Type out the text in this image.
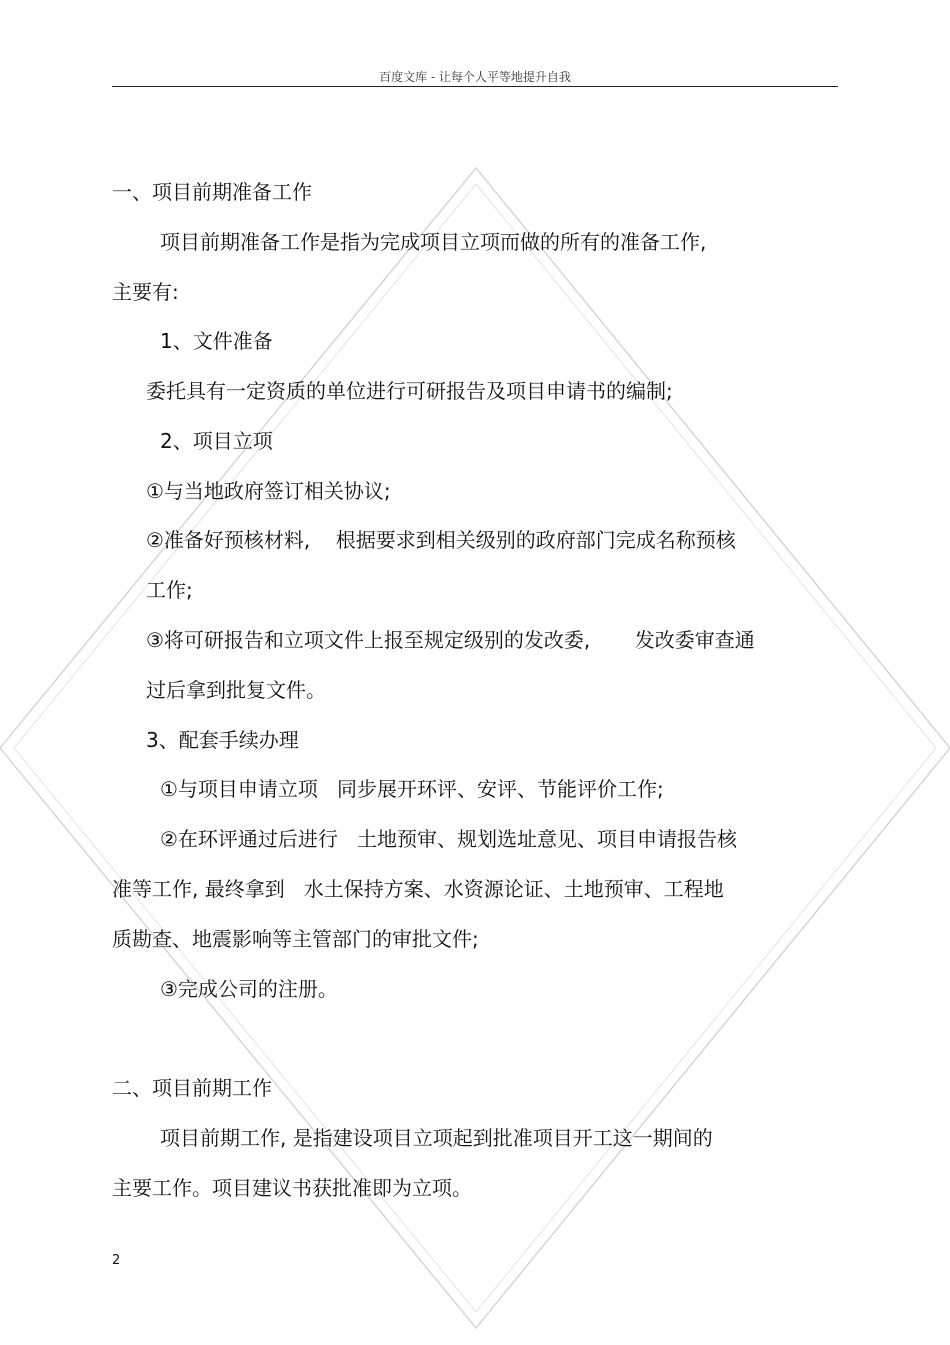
百度文库 - 让每个人平等地提升自我
一、项目前期准备工作
项目前期准备工作是指为完成项目立项而做的所有的准备工作,
主要有:
1、文件准备
委托具有一定资质的单位进行可研报告及项目申请书的编制;
2、项目立项
①与当地政府签订相关协议;
②准备好预核材料,    根据要求到相关级别的政府部门完成名称预核
工作;
③将可研报告和立项文件上报至规定级别的发改委,       发改委审查通
过后拿到批复文件。
3、配套手续办理
①与项目申请立项   同步展开环评、安评、节能评价工作;
②在环评通过后进行   土地预审、规划选址意见、项目申请报告核
准等工作, 最终拿到   水土保持方案、水资源论证、土地预审、工程地
质勘查、地震影响等主管部门的审批文件;
③完成公司的注册。
二、项目前期工作
项目前期工作, 是指建设项目立项起到批准项目开工这一期间的
主要工作。项目建议书获批准即为立项。
2
